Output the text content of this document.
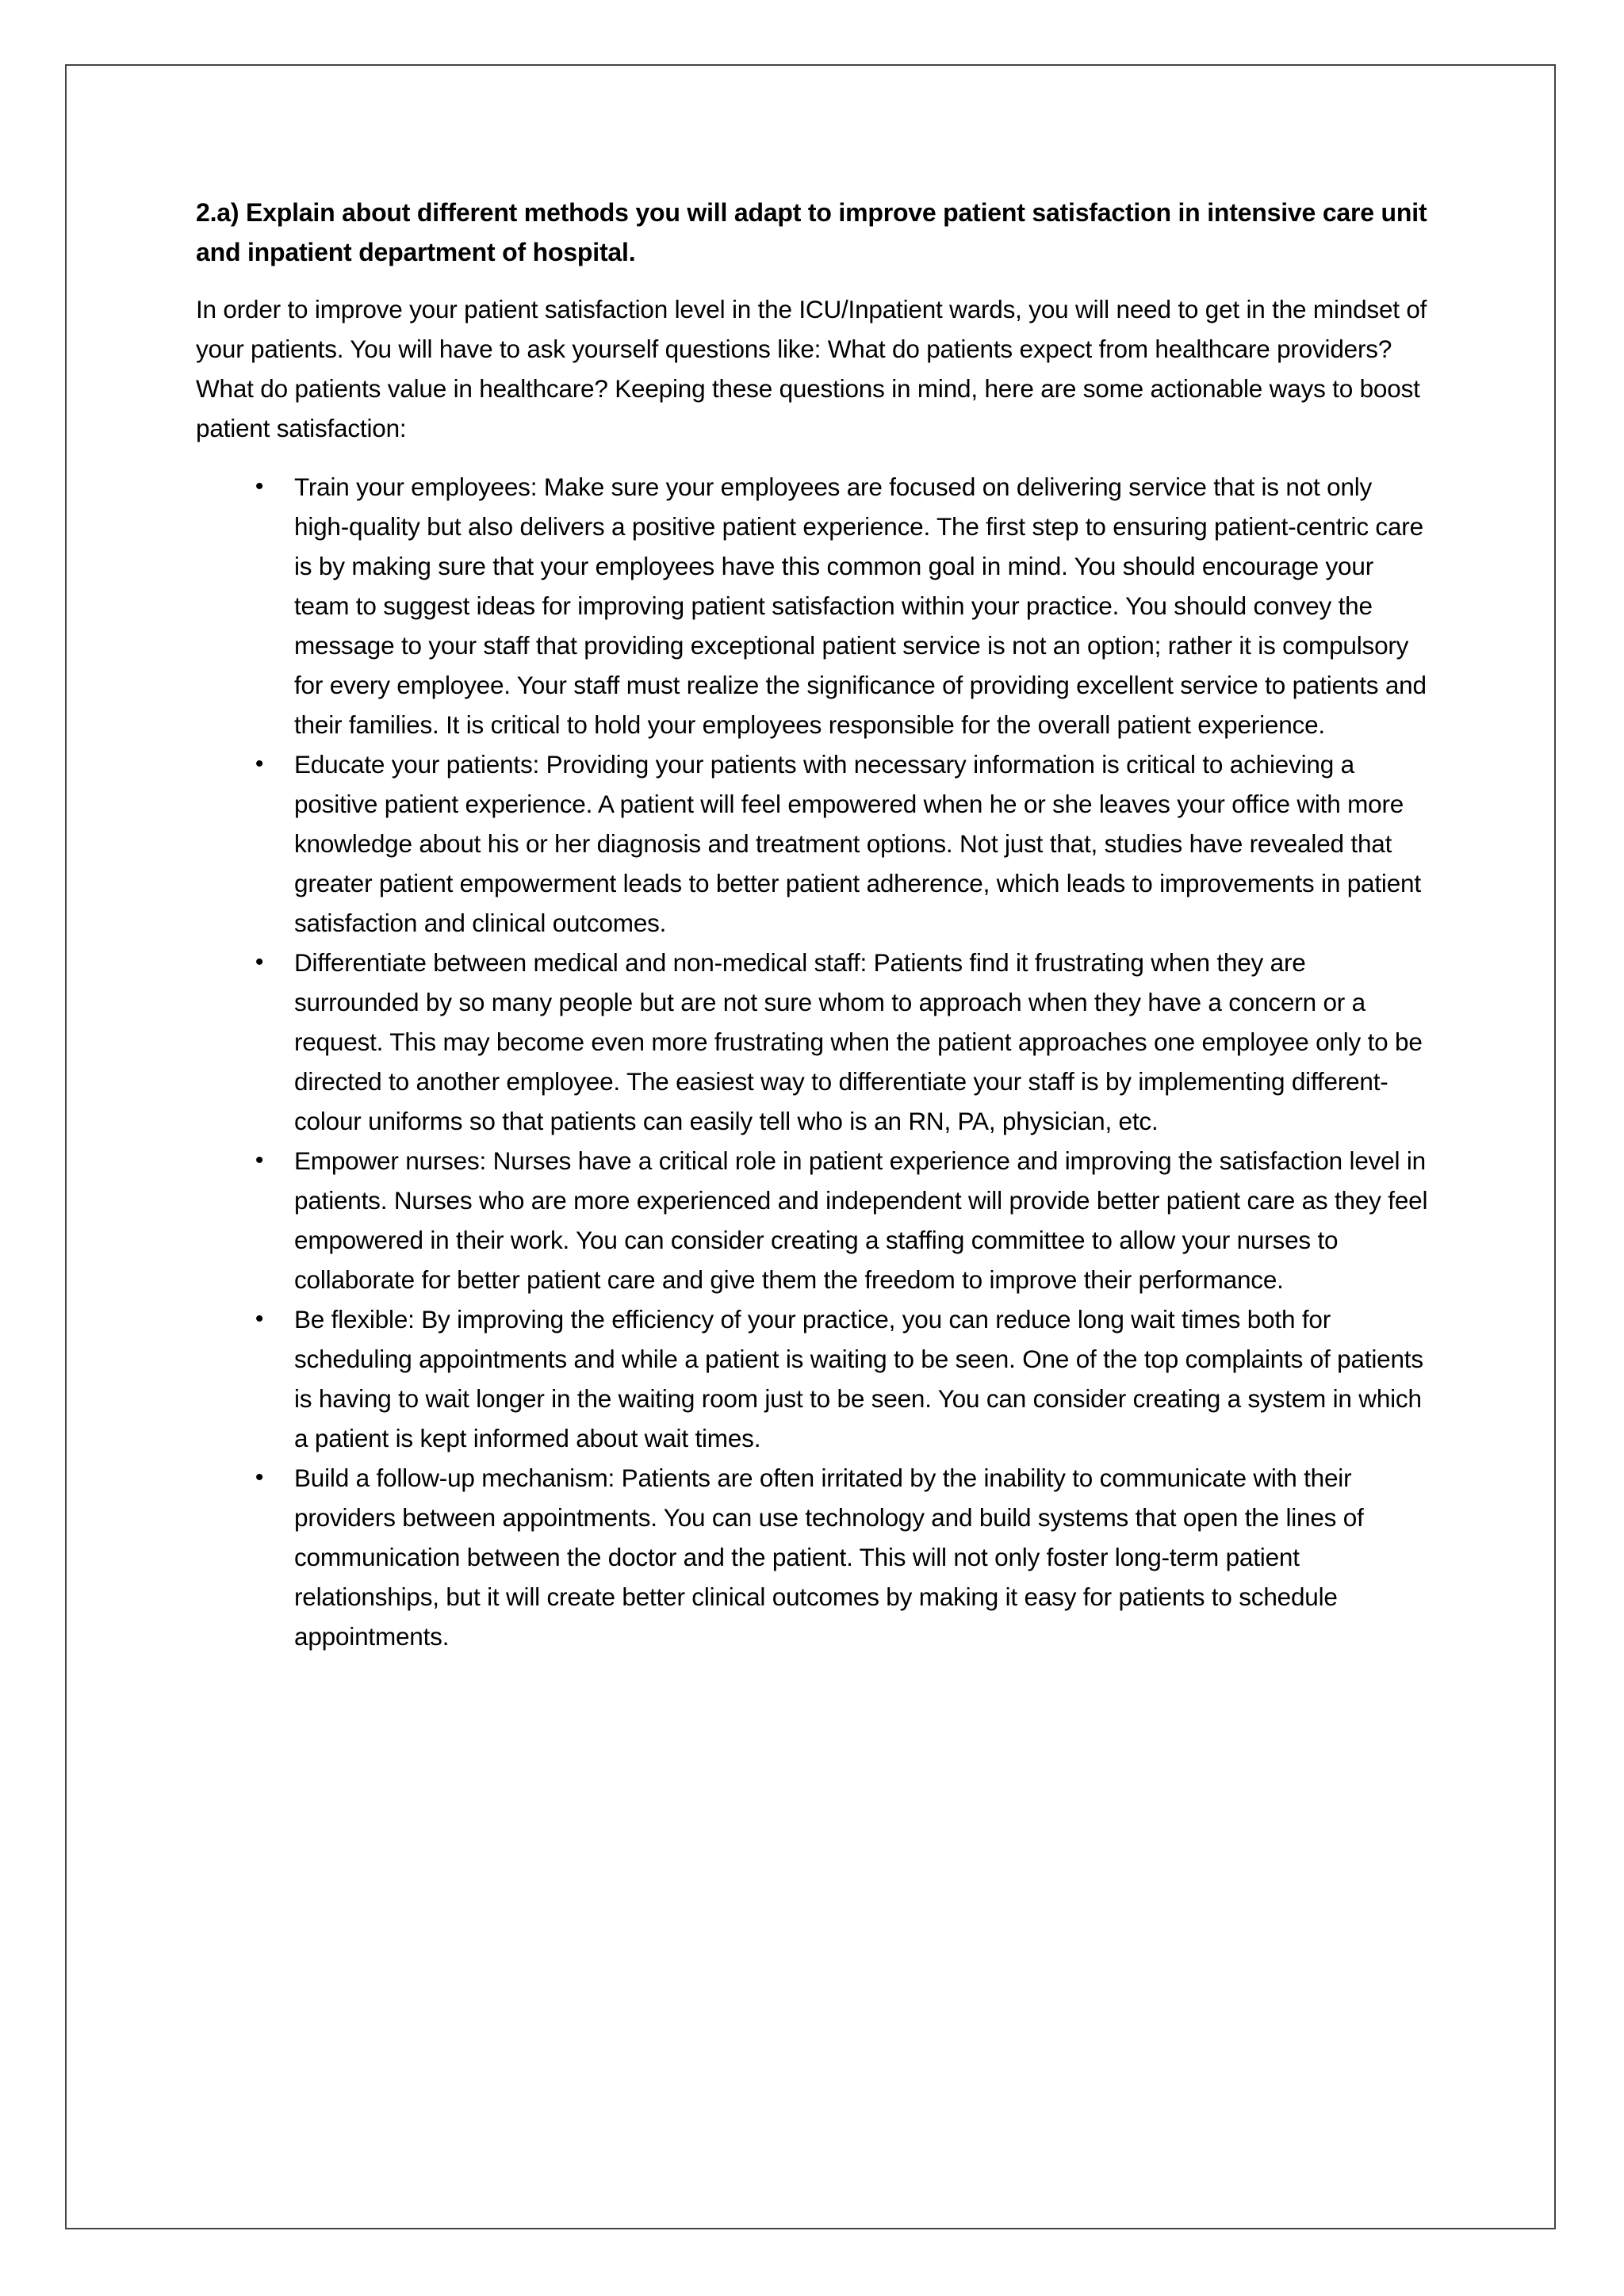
2.a) Explain about different methods you will adapt to improve patient satisfaction in intensive care unit and inpatient department of hospital.

In order to improve your patient satisfaction level in the ICU/Inpatient wards, you will need to get in the mindset of your patients. You will have to ask yourself questions like: What do patients expect from healthcare providers? What do patients value in healthcare? Keeping these questions in mind, here are some actionable ways to boost patient satisfaction:

• Train your employees: Make sure your employees are focused on delivering service that is not only high-quality but also delivers a positive patient experience. The first step to ensuring patient-centric care is by making sure that your employees have this common goal in mind. You should encourage your team to suggest ideas for improving patient satisfaction within your practice. You should convey the message to your staff that providing exceptional patient service is not an option; rather it is compulsory for every employee. Your staff must realize the significance of providing excellent service to patients and their families. It is critical to hold your employees responsible for the overall patient experience.
• Educate your patients: Providing your patients with necessary information is critical to achieving a positive patient experience. A patient will feel empowered when he or she leaves your office with more knowledge about his or her diagnosis and treatment options. Not just that, studies have revealed that greater patient empowerment leads to better patient adherence, which leads to improvements in patient satisfaction and clinical outcomes.
• Differentiate between medical and non-medical staff: Patients find it frustrating when they are surrounded by so many people but are not sure whom to approach when they have a concern or a request. This may become even more frustrating when the patient approaches one employee only to be directed to another employee. The easiest way to differentiate your staff is by implementing different-colour uniforms so that patients can easily tell who is an RN, PA, physician, etc.
• Empower nurses: Nurses have a critical role in patient experience and improving the satisfaction level in patients. Nurses who are more experienced and independent will provide better patient care as they feel empowered in their work. You can consider creating a staffing committee to allow your nurses to collaborate for better patient care and give them the freedom to improve their performance.
• Be flexible: By improving the efficiency of your practice, you can reduce long wait times both for scheduling appointments and while a patient is waiting to be seen. One of the top complaints of patients is having to wait longer in the waiting room just to be seen. You can consider creating a system in which a patient is kept informed about wait times.
• Build a follow-up mechanism: Patients are often irritated by the inability to communicate with their providers between appointments. You can use technology and build systems that open the lines of communication between the doctor and the patient. This will not only foster long-term patient relationships, but it will create better clinical outcomes by making it easy for patients to schedule appointments.
